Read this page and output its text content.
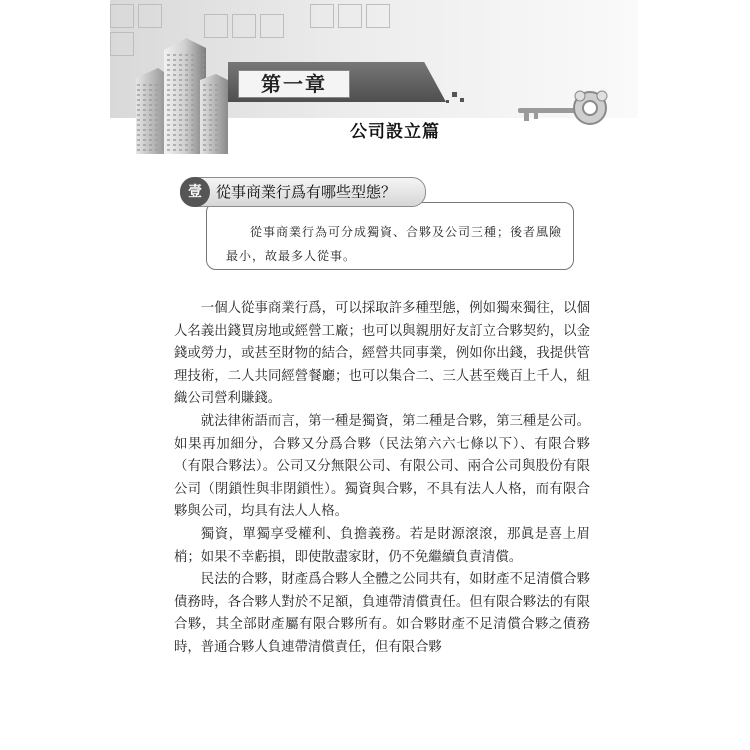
第一章
公司設立篇
壹 從事商業行爲有哪些型態？
從事商業行為可分成獨資、合夥及公司三種；後者風險最小，故最多人從事。

一個人從事商業行爲，可以採取許多種型態，例如獨來獨往，以個人名義出錢買房地或經營工廠；也可以與親朋好友訂立合夥契約，以金錢或勞力，或甚至財物的結合，經營共同事業，例如你出錢，我提供管理技術，二人共同經營餐廳；也可以集合二、三人甚至幾百上千人，組織公司營利賺錢。

就法律術語而言，第一種是獨資，第二種是合夥，第三種是公司。如果再加細分，合夥又分爲合夥（民法第六六七條以下）、有限合夥（有限合夥法）。公司又分無限公司、有限公司、兩合公司與股份有限公司（閉鎖性與非閉鎖性）。獨資與合夥，不具有法人人格，而有限合夥與公司，均具有法人人格。

獨資，單獨享受權利、負擔義務。若是財源滾滾，那眞是喜上眉梢；如果不幸虧損，即使散盡家財，仍不免繼續負責清償。

民法的合夥，財產爲合夥人全體之公同共有，如財產不足清償合夥債務時，各合夥人對於不足額，負連帶清償責任。但有限合夥法的有限合夥，其全部財產屬有限合夥所有。如合夥財產不足清償合夥之債務時，普通合夥人負連帶清償責任，但有限合夥
